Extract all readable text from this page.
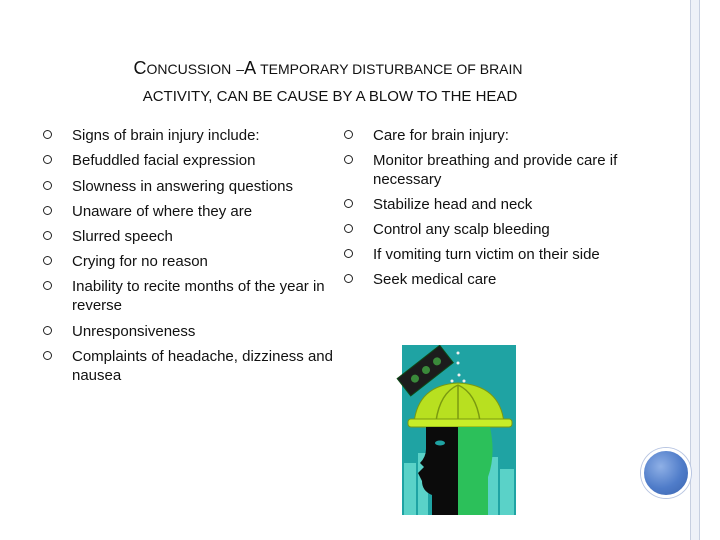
CONCUSSION –A TEMPORARY DISTURBANCE OF BRAIN
ACTIVITY, CAN BE CAUSE BY A BLOW TO THE HEAD
Signs of brain injury include:
Befuddled facial expression
Slowness in answering questions
Unaware of where they are
Slurred speech
Crying for no reason
Inability to recite months of the year in reverse
Unresponsiveness
Complaints of headache, dizziness and nausea
Care for brain injury:
Monitor breathing and provide care if necessary
Stabilize head and neck
Control any scalp bleeding
If vomiting turn victim on their side
Seek medical care
